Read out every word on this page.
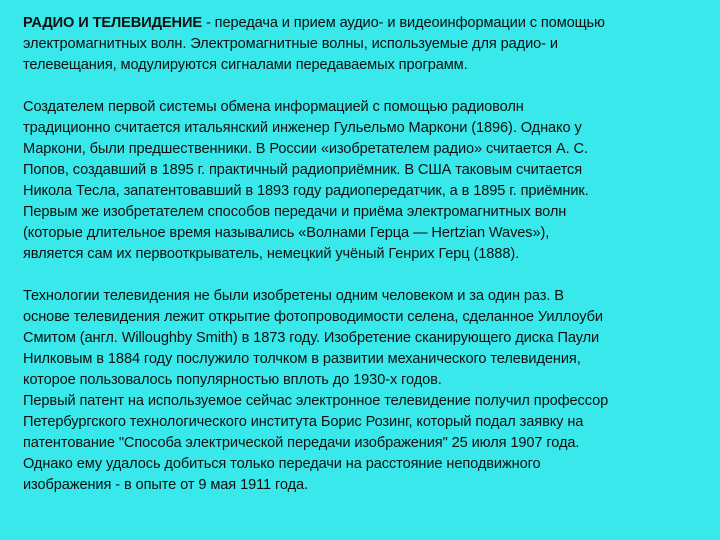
РАДИО И ТЕЛЕВИДЕНИЕ - передача и прием аудио- и видеоинформации с помощью
электромагнитных волн. Электромагнитные волны, используемые для радио- и
телевещания, модулируются сигналами передаваемых программ.

Создателем первой системы обмена информацией с помощью радиоволн
традиционно считается итальянский инженер Гульельмо Маркони (1896). Однако у
Маркони, были предшественники. В России «изобретателем радио» считается А. С.
Попов, создавший в 1895 г. практичный радиоприёмник. В США таковым считается
Никола Тесла, запатентовавший в 1893 году радиопередатчик, а в 1895 г. приёмник.
Первым же изобретателем способов передачи и приёма электромагнитных волн
(которые длительное время назывались «Волнами Герца — Hertzian Waves»),
является сам их первооткрыватель, немецкий учёный Генрих Герц (1888).

Технологии телевидения не были изобретены одним человеком и за один раз. В
основе телевидения лежит открытие фотопроводимости селена, сделанное Уиллоуби
Смитом (англ. Willoughby Smith) в 1873 году. Изобретение сканирующего диска Паули
Нилковым в 1884 году послужило толчком в развитии механического телевидения,
которое пользовалось популярностью вплоть до 1930-х годов.

Первый патент на используемое сейчас электронное телевидение получил профессор
Петербургского технологического института Борис Розинг, который подал заявку на
патентование "Способа электрической передачи изображения" 25 июля 1907 года.
Однако ему удалось добиться только передачи на расстояние неподвижного
изображения - в опыте от 9 мая 1911 года.
